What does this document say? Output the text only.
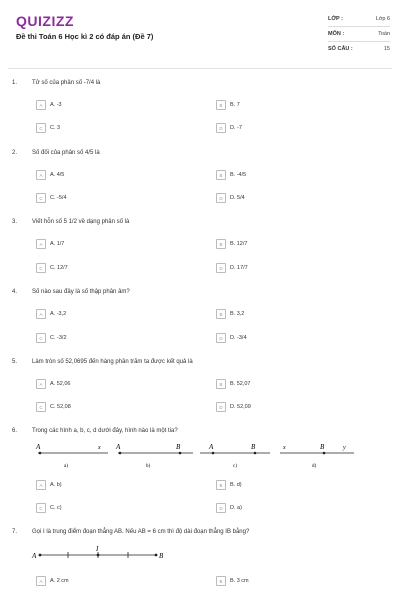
QUIZIZZ
Đề thi Toán 6 Học kì 2 có đáp án (Đề 7)
LỚP :	Lớp 6
MÔN :	Toán
SỐ CÂU :	15
1. Tử số của phân số -7/4 là
A	A. -3	B	B. 7
C	C. 3	D	D. -7
2. Số đối của phân số 4/5 là
A	A. 4/5	B	B. -4/5
C	C. -5/4	D	D. 5/4
3. Viết hỗn số 5 1/2 về dạng phân số là
A	A. 1/7	B	B. 12/7
C	C. 12/7	D	D. 17/7
4. Số nào sau đây là số thập phân âm?
A	A. -3,2	B	B. 3,2
C	C. -3/2	D	D. -3/4
5. Làm tròn số 52,0695 đến hàng phần trăm ta được kết quả là
A	A. 52,06	B	B. 52,07
C	C. 52,08	D	D. 52,09
6. Trong các hình a, b, c, d dưới đây, hình nào là một tia?
A	x
a)
A	B
b)
A	B
c)
x	B	y
d)
A	A. b)	B	B. d)
C	C. c)	D	D. a)
7. Gọi I là trung điểm đoạn thẳng AB. Nếu AB = 6 cm thì độ dài đoạn thẳng IB bằng?
A
I
B
A	A. 2 cm	B	B. 3 cm
